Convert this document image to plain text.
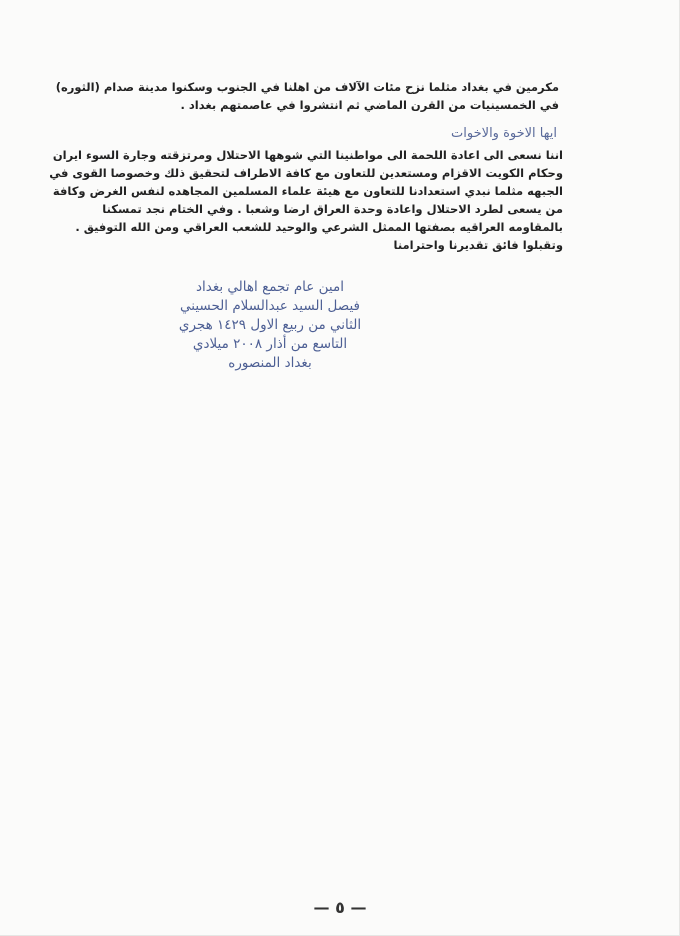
مكرمين في بغداد مثلما نزح مئات الآلاف من اهلنا في الجنوب وسكنوا مدينة صدام (الثوره)
في الخمسينيات من القرن الماضي ثم انتشروا في عاصمتهم بغداد .
ايها الاخوة والاخوات
اننا نسعى الى اعادة اللحمة الى مواطنينا التي شوهها الاحتلال ومرتزقته وجارة السوء ايران
وحكام الكويت الاقزام ومستعدين للتعاون مع كافة الاطراف لتحقيق ذلك وخصوصا القوى في
الجبهه مثلما نبدي استعدادنا للتعاون مع هيئة علماء المسلمين المجاهده لنفس الغرض وكافة
من يسعى لطرد الاحتلال واعادة وحدة العراق ارضا وشعبا . وفي الختام نجد تمسكنا
بالمقاومه العراقيه بصفتها الممثل الشرعي والوحيد للشعب العراقي ومن الله التوفيق .
وتقبلوا فائق تقديرنا واحترامنا
امين عام تجمع اهالي بغداد
فيصل السيد عبدالسلام الحسيني
الثاني من ربيع الاول ١٤٢٩ هجري
التاسع من أذار ٢٠٠٨ ميلادي
بغداد المنصوره
— ٥ —
